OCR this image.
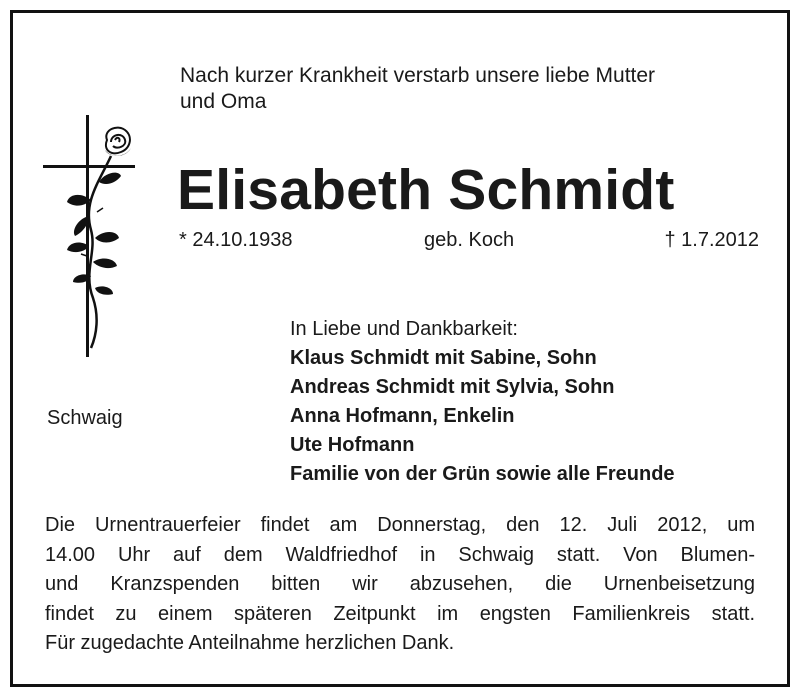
Nach kurzer Krankheit verstarb unsere liebe Mutter
und Oma
Elisabeth Schmidt
* 24.10.1938	geb. Koch	† 1.7.2012
Schwaig
In Liebe und Dankbarkeit:
Klaus Schmidt mit Sabine, Sohn
Andreas Schmidt mit Sylvia, Sohn
Anna Hofmann, Enkelin
Ute Hofmann
Familie von der Grün sowie alle Freunde
Die Urnentrauerfeier findet am Donnerstag, den 12. Juli 2012, um
14.00 Uhr auf dem Waldfriedhof in Schwaig statt. Von Blumen-
und Kranzspenden bitten wir abzusehen, die Urnenbeisetzung
findet zu einem späteren Zeitpunkt im engsten Familienkreis statt.
Für zugedachte Anteilnahme herzlichen Dank.
